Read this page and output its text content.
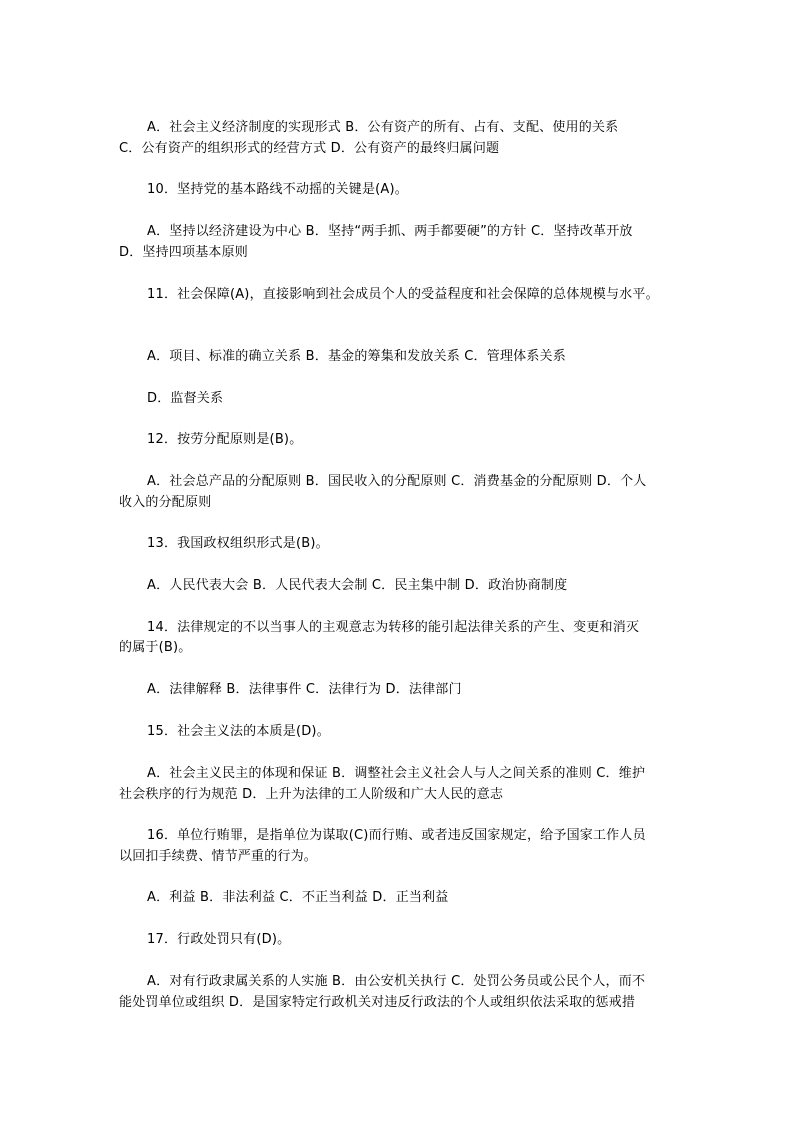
A．社会主义经济制度的实现形式 B．公有资产的所有、占有、支配、使用的关系
C．公有资产的组织形式的经营方式 D．公有资产的最终归属问题
10．坚持党的基本路线不动摇的关键是(A)。
A．坚持以经济建设为中心 B．坚持“两手抓、两手都要硬”的方针 C．坚持改革开放
D．坚持四项基本原则
11．社会保障(A)，直接影响到社会成员个人的受益程度和社会保障的总体规模与水平。
A．项目、标准的确立关系 B．基金的筹集和发放关系 C．管理体系关系
D．监督关系
12．按劳分配原则是(B)。
A．社会总产品的分配原则 B．国民收入的分配原则 C．消费基金的分配原则 D．个人
收入的分配原则
13．我国政权组织形式是(B)。
A．人民代表大会 B．人民代表大会制 C．民主集中制 D．政治协商制度
14．法律规定的不以当事人的主观意志为转移的能引起法律关系的产生、变更和消灭
的属于(B)。
A．法律解释 B．法律事件 C．法律行为 D．法律部门
15．社会主义法的本质是(D)。
A．社会主义民主的体现和保证 B．调整社会主义社会人与人之间关系的准则 C．维护
社会秩序的行为规范 D．上升为法律的工人阶级和广大人民的意志
16．单位行贿罪，是指单位为谋取(C)而行贿、或者违反国家规定，给予国家工作人员
以回扣手续费、情节严重的行为。
A．利益 B．非法利益 C．不正当利益 D．正当利益
17．行政处罚只有(D)。
A．对有行政隶属关系的人实施 B．由公安机关执行 C．处罚公务员或公民个人，而不
能处罚单位或组织 D．是国家特定行政机关对违反行政法的个人或组织依法采取的惩戒措
